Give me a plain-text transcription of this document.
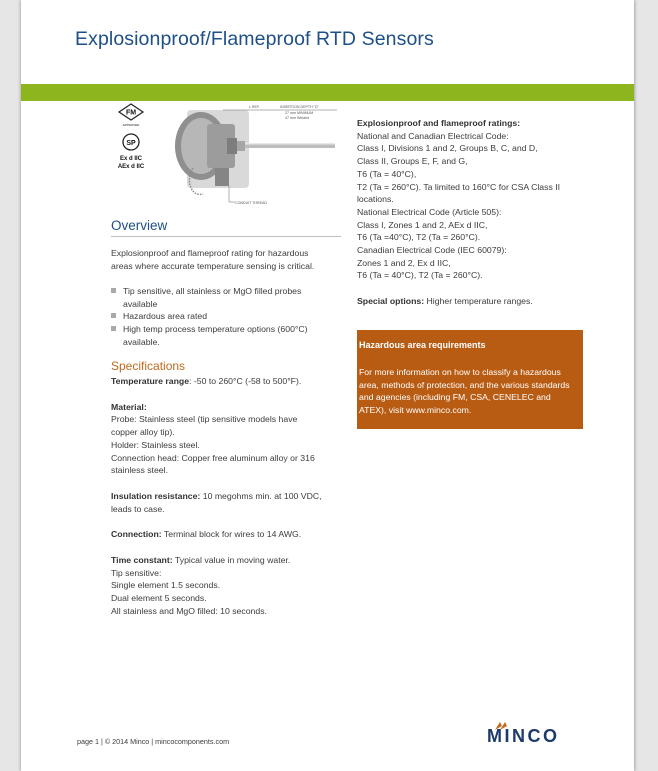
Explosionproof/Flameproof RTD Sensors
FM
APPROVED
SP
Ex d IIC
AEx d IIC
L REF.	INSERTION DEPTH "D"
27 mm MINIMUM
47 mm Welded
CONDUIT THREAD
Overview

Explosionproof and flameproof rating for hazardous
areas where accurate temperature sensing is critical.

Tip sensitive, all stainless or MgO filled probes
available
Hazardous area rated
High temp process temperature options (600°C)
available.
Specifications

Temperature range: -50 to 260°C (-58 to 500°F).

Material:
Probe: Stainless steel (tip sensitive models have
copper alloy tip).
Holder: Stainless steel.
Connection head: Copper free aluminum alloy or 316
stainless steel.

Insulation resistance: 10 megohms min. at 100 VDC,
leads to case.

Connection: Terminal block for wires to 14 AWG.

Time constant: Typical value in moving water.
Tip sensitive:
Single element 1.5 seconds.
Dual element 5 seconds.
All stainless and MgO filled: 10 seconds.

Explosionproof and flameproof ratings:
National and Canadian Electrical Code:
Class I, Divisions 1 and 2, Groups B, C, and D,
Class II, Groups E, F, and G,
T6 (Ta = 40°C),
T2 (Ta = 260°C). Ta limited to 160°C for CSA Class II
locations.
National Electrical Code (Article 505):
Class I, Zones 1 and 2, AEx d IIC,
T6 (Ta =40°C), T2 (Ta = 260°C).
Canadian Electrical Code (IEC 60079):
Zones 1 and 2, Ex d IIC,
T6 (Ta = 40°C), T2 (Ta = 260°C).

Special options: Higher temperature ranges.

Hazardous area requirements
For more information on how to classify a hazardous
area, methods of protection, and the various standards
and agencies (including FM, CSA, CENELEC and
ATEX), visit www.minco.com.
page 1 | © 2014 Minco | mincocomponents.com	MINCO
